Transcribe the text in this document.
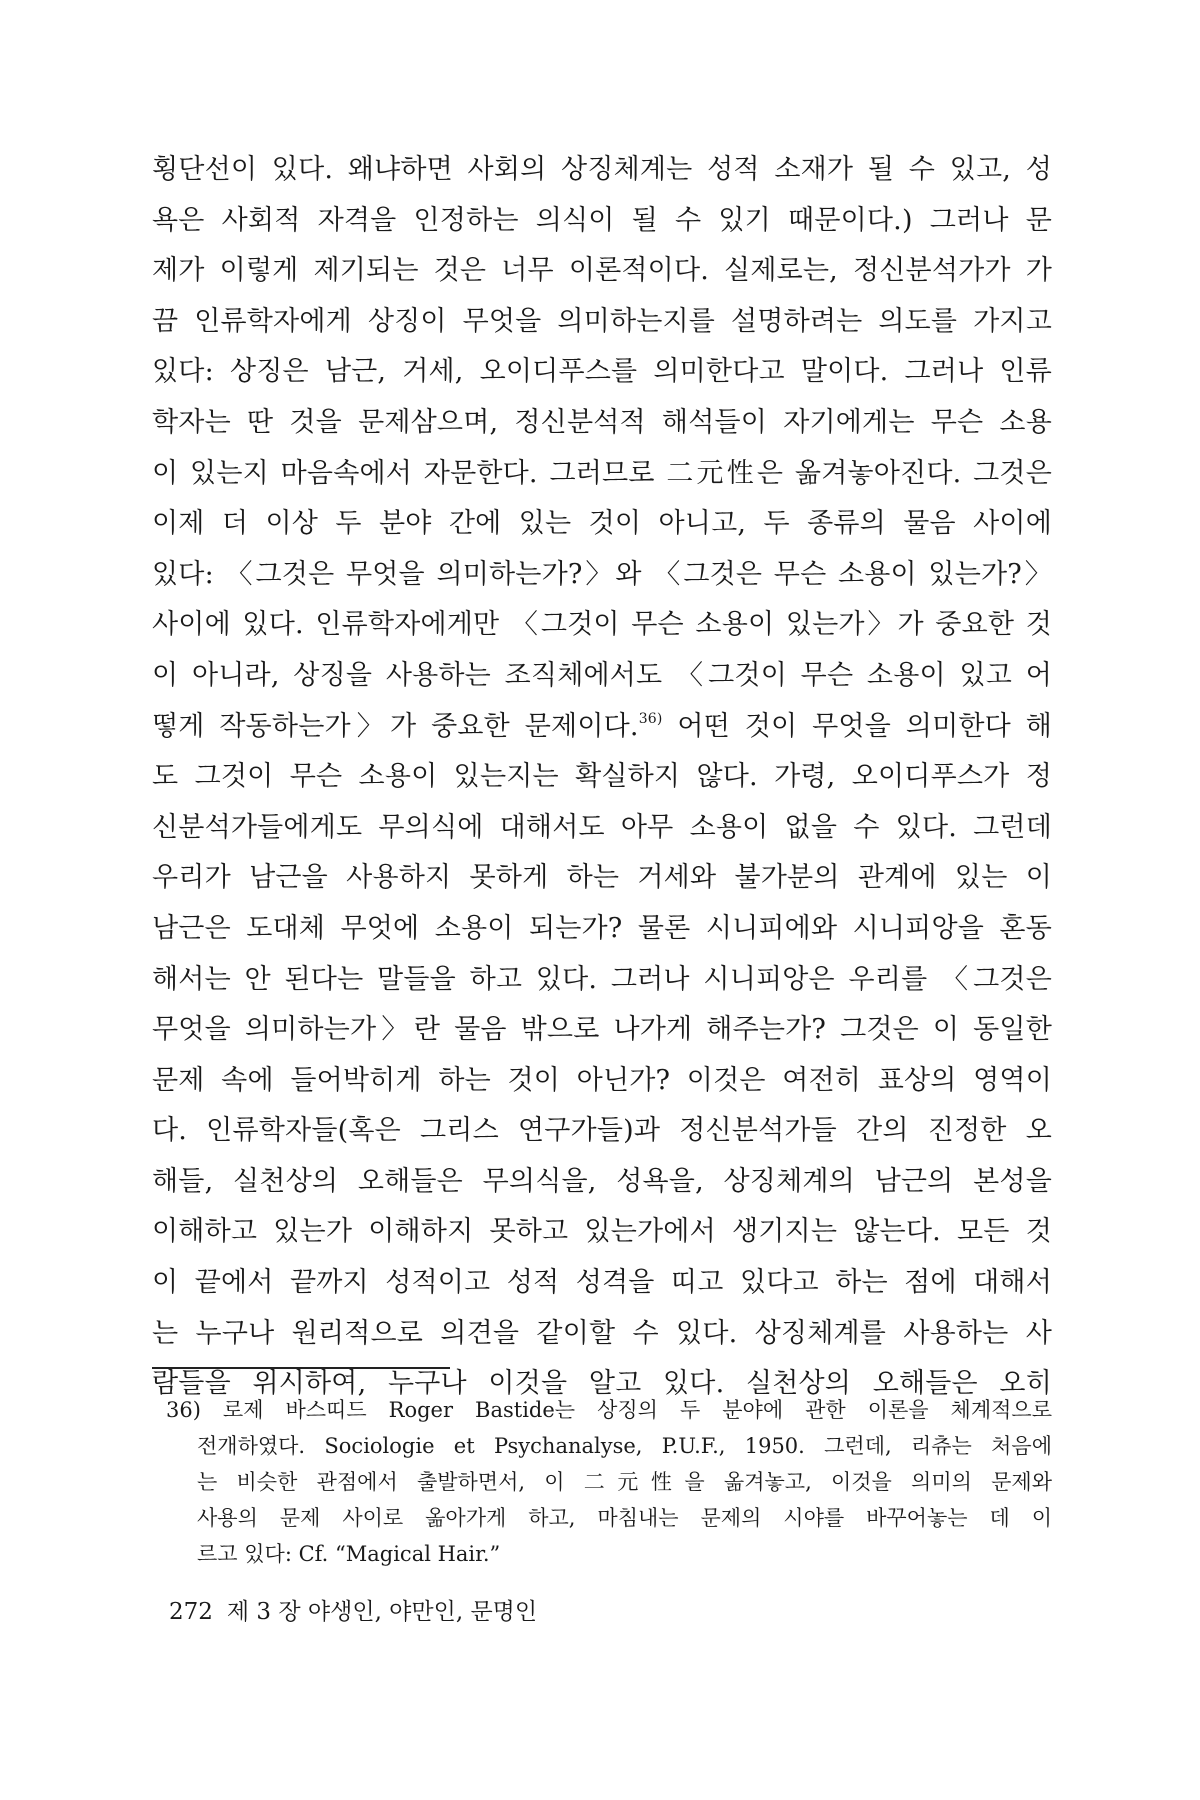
횡단선이 있다. 왜냐하면 사회의 상징체계는 성적 소재가 될 수 있고, 성
욕은 사회적 자격을 인정하는 의식이 될 수 있기 때문이다.) 그러나 문
제가 이렇게 제기되는 것은 너무 이론적이다. 실제로는, 정신분석가가 가
끔 인류학자에게 상징이 무엇을 의미하는지를 설명하려는 의도를 가지고
있다: 상징은 남근, 거세, 오이디푸스를 의미한다고 말이다. 그러나 인류
학자는 딴 것을 문제삼으며, 정신분석적 해석들이 자기에게는 무슨 소용
이 있는지 마음속에서 자문한다. 그러므로 二元性은 옮겨놓아진다. 그것은
이제 더 이상 두 분야 간에 있는 것이 아니고, 두 종류의 물음 사이에
있다: 〈그것은 무엇을 의미하는가?〉와 〈그것은 무슨 소용이 있는가?〉
사이에 있다. 인류학자에게만 〈그것이 무슨 소용이 있는가〉가 중요한 것
이 아니라, 상징을 사용하는 조직체에서도 〈그것이 무슨 소용이 있고 어
떻게 작동하는가〉가 중요한 문제이다.$^{36)}$ 어떤 것이 무엇을 의미한다 해
도 그것이 무슨 소용이 있는지는 확실하지 않다. 가령, 오이디푸스가 정
신분석가들에게도 무의식에 대해서도 아무 소용이 없을 수 있다. 그런데
우리가 남근을 사용하지 못하게 하는 거세와 불가분의 관계에 있는 이
남근은 도대체 무엇에 소용이 되는가? 물론 시니피에와 시니피앙을 혼동
해서는 안 된다는 말들을 하고 있다. 그러나 시니피앙은 우리를 〈그것은
무엇을 의미하는가〉란 물음 밖으로 나가게 해주는가? 그것은 이 동일한
문제 속에 들어박히게 하는 것이 아닌가? 이것은 여전히 표상의 영역이
다. 인류학자들(혹은 그리스 연구가들)과 정신분석가들 간의 진정한 오
해들, 실천상의 오해들은 무의식을, 성욕을, 상징체계의 남근의 본성을
이해하고 있는가 이해하지 못하고 있는가에서 생기지는 않는다. 모든 것
이 끝에서 끝까지 성적이고 성적 성격을 띠고 있다고 하는 점에 대해서
는 누구나 원리적으로 의견을 같이할 수 있다. 상징체계를 사용하는 사
람들을 위시하여, 누구나 이것을 알고 있다. 실천상의 오해들은 오히
36) 로제 바스띠드 Roger Bastide는 상징의 두 분야에 관한 이론을 체계적으로
전개하였다. Sociologie et Psychanalyse, P.U.F., 1950. 그런데, 리츄는 처음에
는 비슷한 관점에서 출발하면서, 이 二元性을 옮겨놓고, 이것을 의미의 문제와
사용의 문제 사이로 옮아가게 하고, 마침내는 문제의 시야를 바꾸어놓는 데 이
르고 있다: Cf. “Magical Hair.”
272 제 3 장 야생인, 야만인, 문명인
